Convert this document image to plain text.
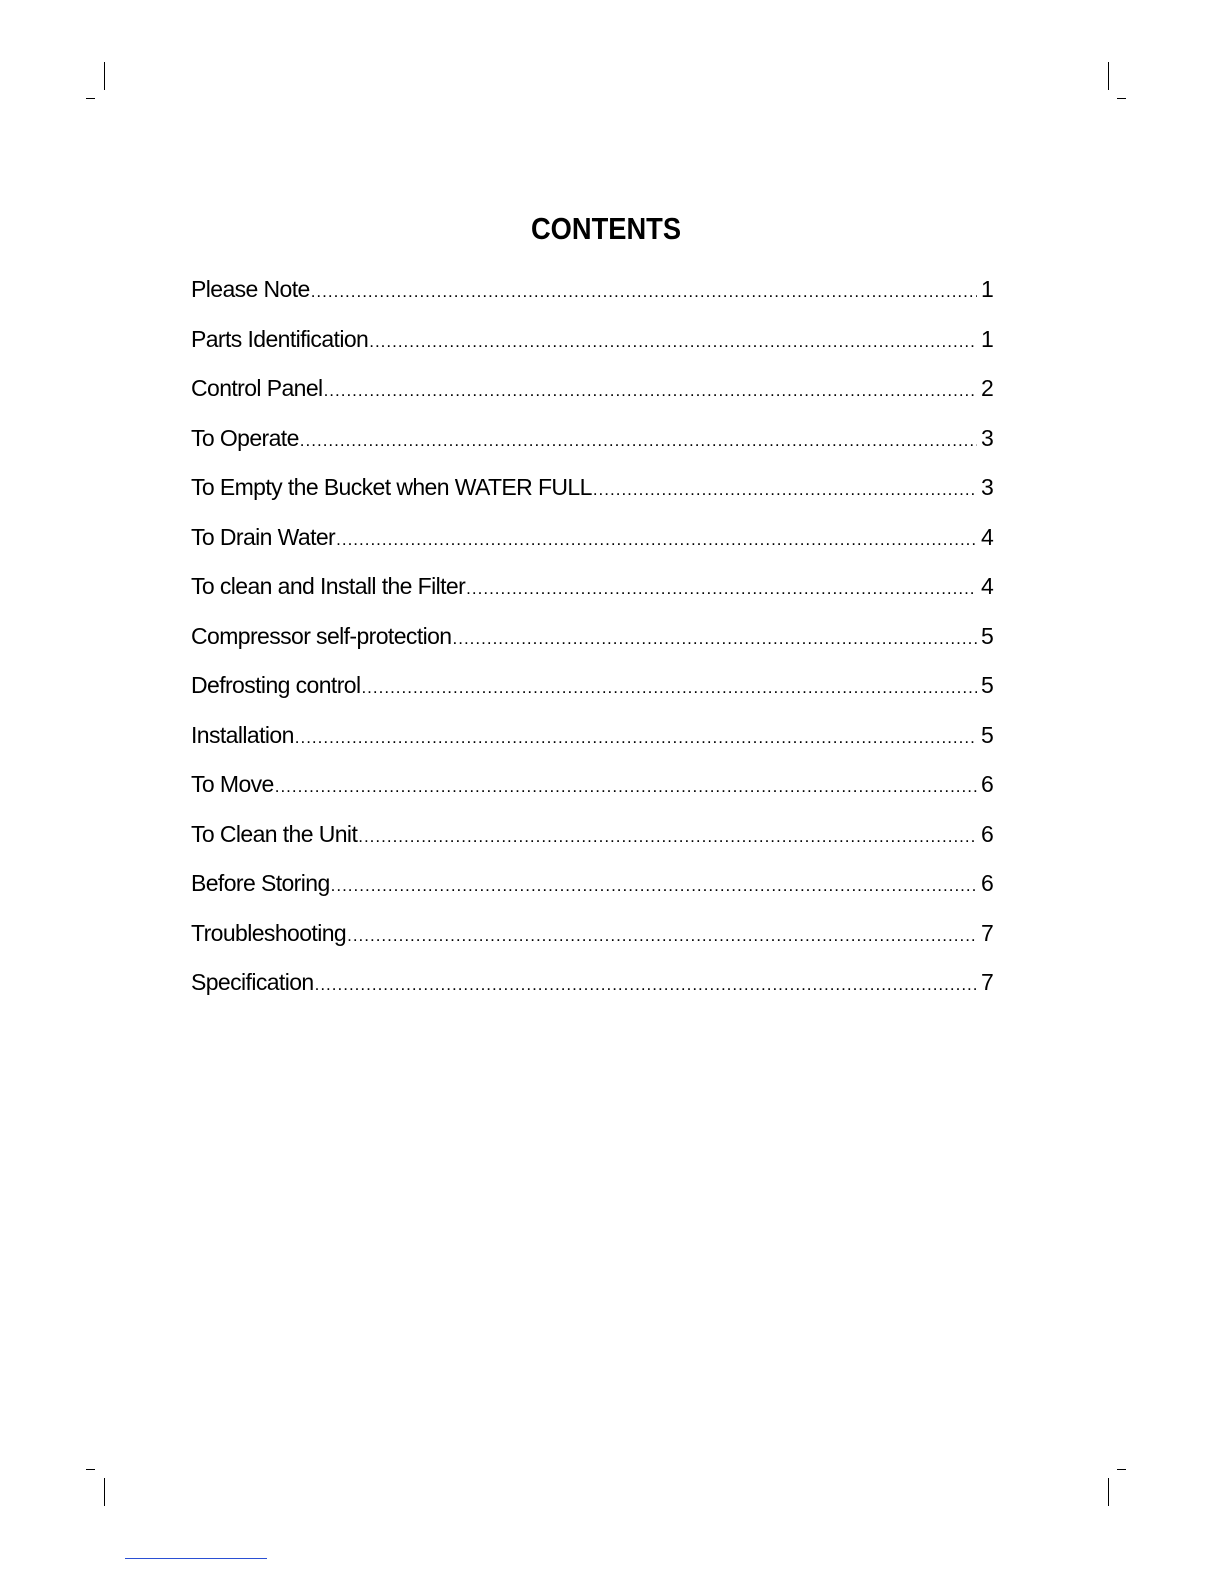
CONTENTS
Please Note .....	1
Parts Identification .....	1
Control Panel .....	2
To Operate .....	3
To Empty the Bucket when WATER FULL .....	3
To Drain Water .....	4
To clean and Install the Filter .....	4
Compressor self-protection .....	5
Defrosting control .....	5
Installation .....	5
To Move .....	6
To Clean the Unit .....	6
Before Storing .....	6
Troubleshooting .....	7
Specification .....	7
